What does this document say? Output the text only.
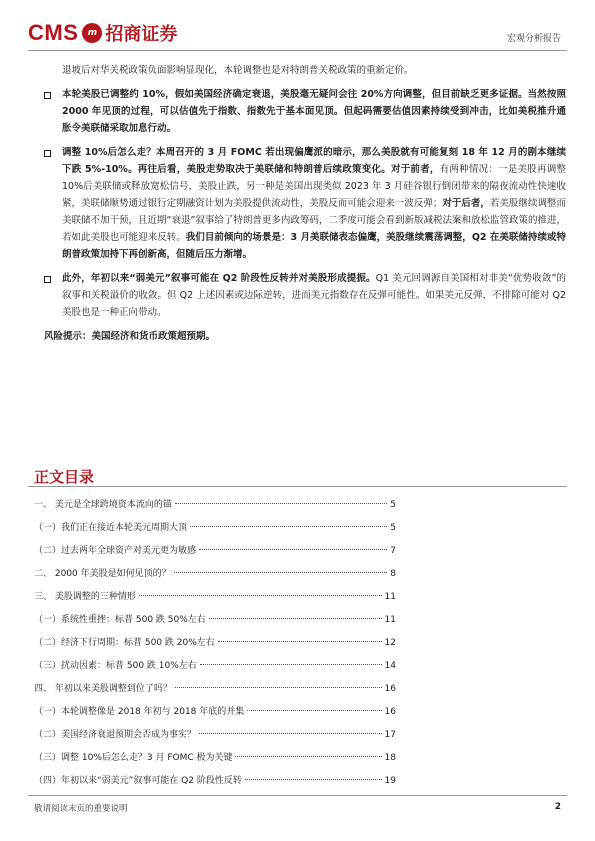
CMS	m 招商证券	宏观分析报告

退坡后对华关税政策负面影响显现化，本轮调整也是对特朗普关税政策的重新定价。

本轮美股已调整约 10%，假如美国经济确定衰退，美股毫无疑问会往 20%方向调整，但目前缺乏更多证据。当然按照 2000 年见顶的过程，可以估值先于指数、指数先于基本面见顶。但起码需要估值因素持续受到冲击，比如美税推升通胀令美联储采取加息行动。

调整 10%后怎么走？本周召开的 3 月 FOMC 若出现偏鹰派的暗示，那么美股就有可能复刻 18 年 12 月的剧本继续下跌 5%-10%。再往后看，美股走势取决于美联储和特朗普后续政策变化。对于前者，有两种情况：一是美股再调整 10%后美联储或释放宽松信号，美股止跌，另一种是美国出现类似 2023 年 3 月硅谷银行倒闭带来的隔夜流动性快速收紧，美联储顺势通过银行定期融资计划为美股提供流动性，美股反而可能会迎来一波反弹；对于后者，若美股继续调整而美联储不加干预，且近期“衰退”叙事给了特朗普更多内政筹码，二季度可能会看到新版减税法案和放松监管政策的推进，若如此美股也可能迎来反转。我们目前倾向的场景是：3 月美联储表态偏鹰，美股继续震荡调整，Q2 在美联储持续或特朗普政策加持下再创新高，但随后压力渐增。

此外，年初以来“弱美元”叙事可能在 Q2 阶段性反转并对美股形成提振。Q1 美元回调源自美国相对非美“优势收敛”的叙事和关税溢价的收敛。但 Q2 上述因素或边际逆转，进而美元指数存在反弹可能性。如果美元反弹，不排除可能对 Q2 美股也是一种正向带动。

风险提示：美国经济和货币政策超预期。

正文目录
一、 美元是全球跨境资本流向的锚	5
（一）我们正在接近本轮美元周期大顶	5
（二）过去两年全球资产对美元更为敏感	7
二、 2000 年美股是如何见顶的？	8
三、 美股调整的三种情形	11
（一）系统性重挫：标普 500 跌 50%左右	11
（二）经济下行周期：标普 500 跌 20%左右	12
（三）扰动因素：标普 500 跌 10%左右	14
四、 年初以来美股调整到位了吗？	16
（一）本轮调整像是 2018 年初与 2018 年底的并集	16
（二）美国经济衰退预期会否成为事实？	17
（三）调整 10%后怎么走？3 月 FOMC 极为关键	18
（四）年初以来“弱美元”叙事可能在 Q2 阶段性反转	19
敬请阅读末页的重要说明	2
